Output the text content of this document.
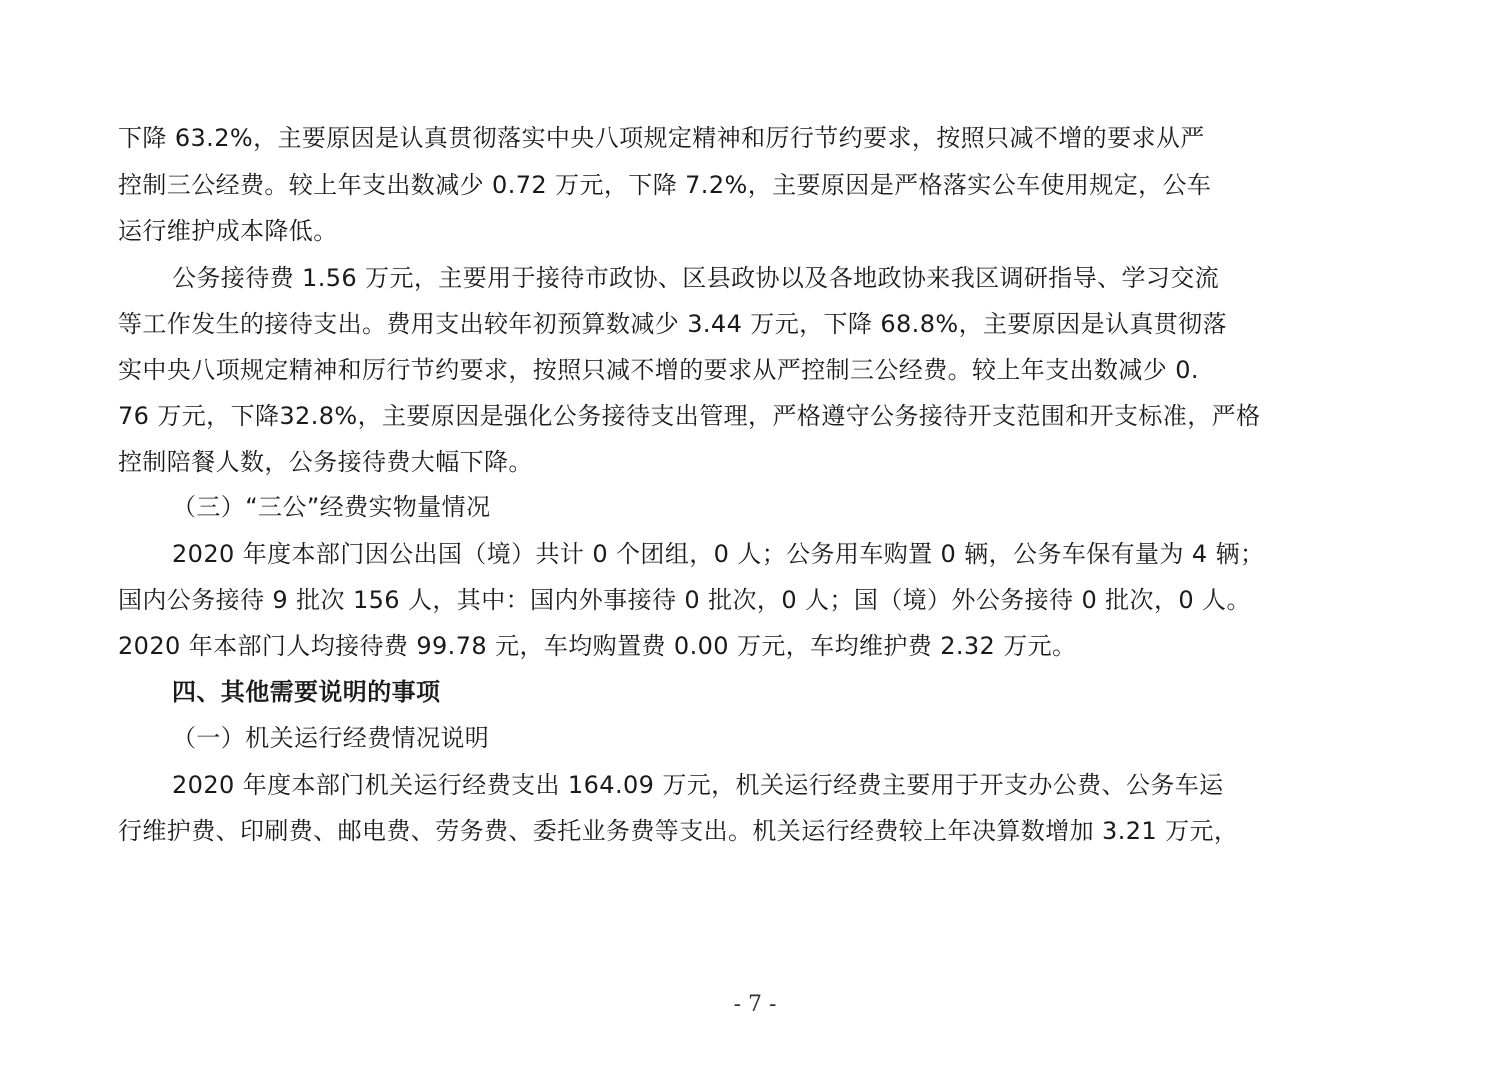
下降 63.2%，主要原因是认真贯彻落实中央八项规定精神和厉行节约要求，按照只减不增的要求从严
控制三公经费。较上年支出数减少 0.72 万元，下降 7.2%，主要原因是严格落实公车使用规定，公车
运行维护成本降低。
公务接待费 1.56 万元，主要用于接待市政协、区县政协以及各地政协来我区调研指导、学习交流
等工作发生的接待支出。费用支出较年初预算数减少 3.44 万元，下降 68.8%，主要原因是认真贯彻落
实中央八项规定精神和厉行节约要求，按照只减不增的要求从严控制三公经费。较上年支出数减少 0.
76 万元，下降32.8%，主要原因是强化公务接待支出管理，严格遵守公务接待开支范围和开支标准，严格
控制陪餐人数，公务接待费大幅下降。
（三）“三公”经费实物量情况
2020 年度本部门因公出国（境）共计 0 个团组，0 人；公务用车购置 0 辆，公务车保有量为 4 辆；
国内公务接待 9 批次 156 人，其中：国内外事接待 0 批次，0 人；国（境）外公务接待 0 批次，0 人。
2020 年本部门人均接待费 99.78 元，车均购置费 0.00 万元，车均维护费 2.32 万元。
四、其他需要说明的事项
（一）机关运行经费情况说明
2020 年度本部门机关运行经费支出 164.09 万元，机关运行经费主要用于开支办公费、公务车运
行维护费、印刷费、邮电费、劳务费、委托业务费等支出。机关运行经费较上年决算数增加 3.21 万元，
- 7 -
